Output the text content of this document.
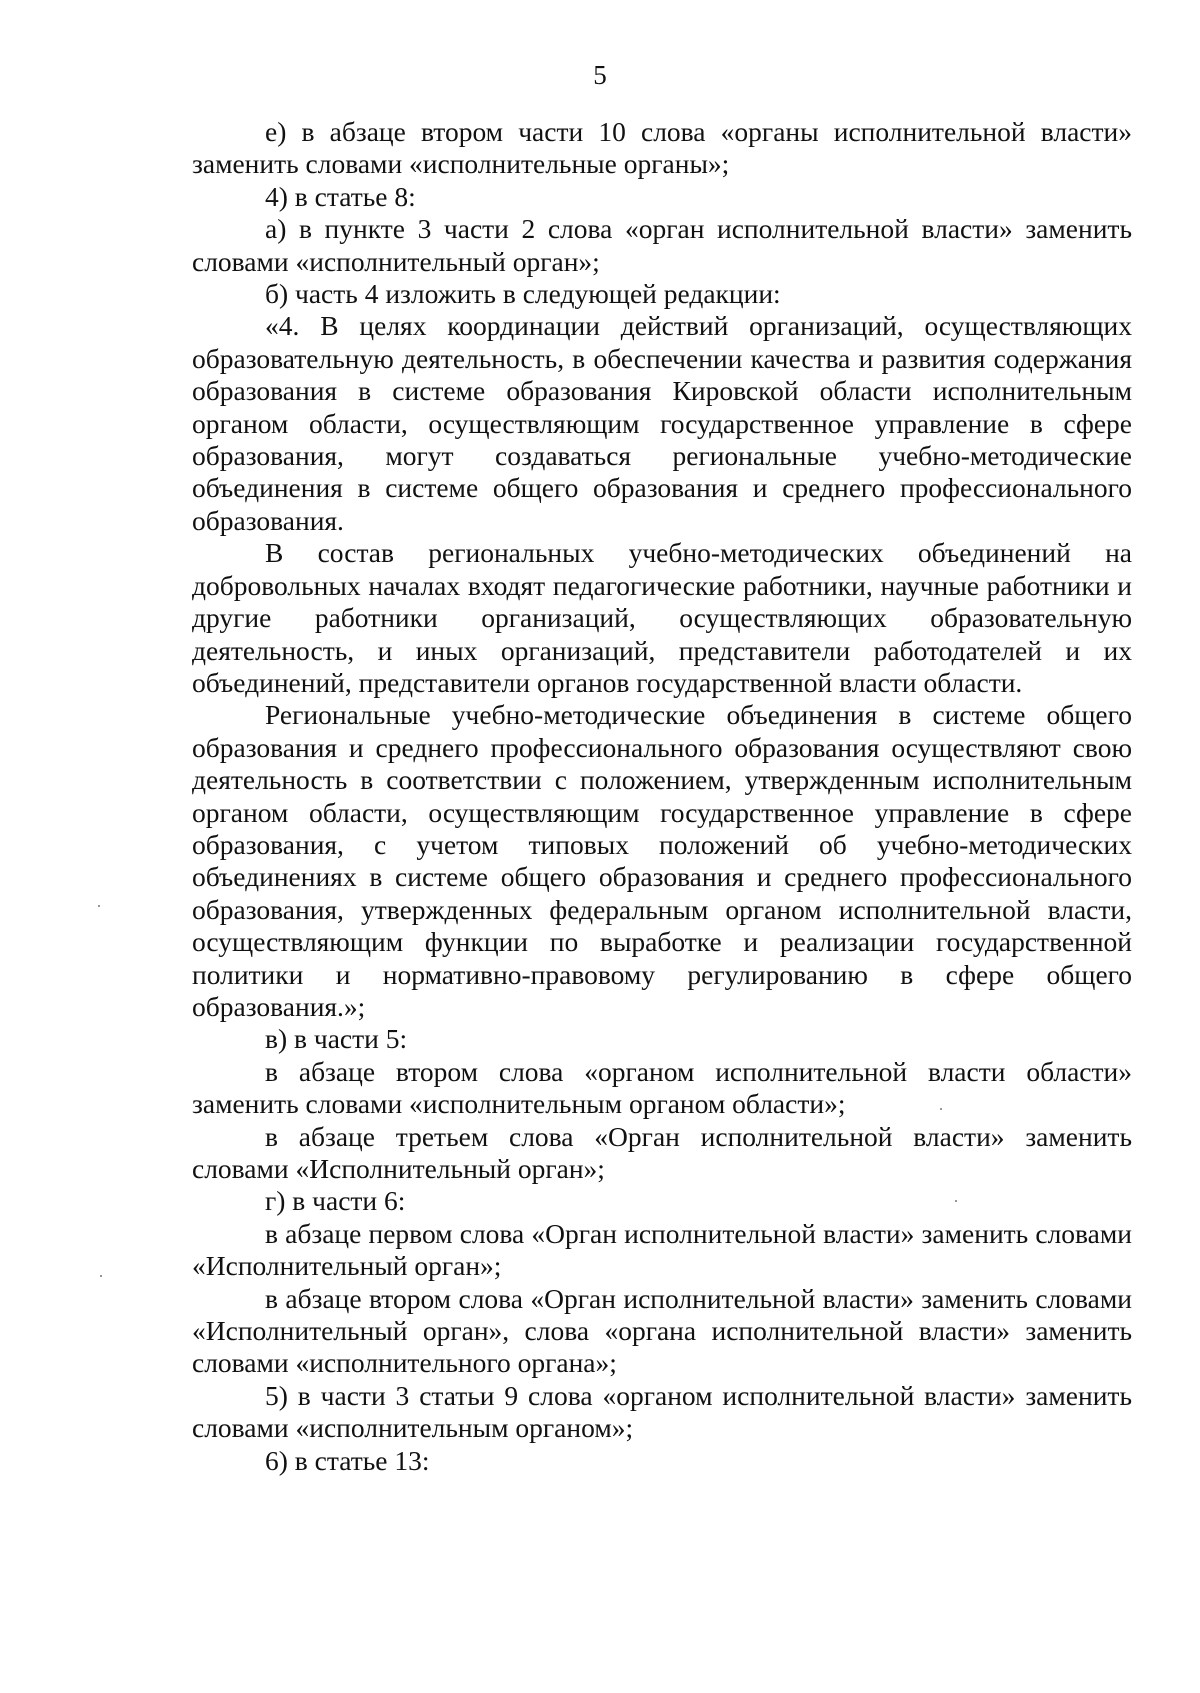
5

е) в абзаце втором части 10 слова «органы исполнительной власти» заменить словами «исполнительные органы»;

4) в статье 8:

а) в пункте 3 части 2 слова «орган исполнительной власти» заменить словами «исполнительный орган»;

б) часть 4 изложить в следующей редакции:

«4. В целях координации действий организаций, осуществляющих образовательную деятельность, в обеспечении качества и развития содержания образования в системе образования Кировской области исполнительным органом области, осуществляющим государственное управление в сфере образования, могут создаваться региональные учебно-методические объединения в системе общего образования и среднего профессионального образования.

В состав региональных учебно-методических объединений на добровольных началах входят педагогические работники, научные работники и другие работники организаций, осуществляющих образовательную деятельность, и иных организаций, представители работодателей и их объединений, представители органов государственной власти области.

Региональные учебно-методические объединения в системе общего образования и среднего профессионального образования осуществляют свою деятельность в соответствии с положением, утвержденным исполнительным органом области, осуществляющим государственное управление в сфере образования, с учетом типовых положений об учебно-методических объединениях в системе общего образования и среднего профессионального образования, утвержденных федеральным органом исполнительной власти, осуществляющим функции по выработке и реализации государственной политики и нормативно-правовому регулированию в сфере общего образования.»;

в) в части 5:

в абзаце втором слова «органом исполнительной власти области» заменить словами «исполнительным органом области»;

в абзаце третьем слова «Орган исполнительной власти» заменить словами «Исполнительный орган»;

г) в части 6:

в абзаце первом слова «Орган исполнительной власти» заменить словами «Исполнительный орган»;

в абзаце втором слова «Орган исполнительной власти» заменить словами «Исполнительный орган», слова «органа исполнительной власти» заменить словами «исполнительного органа»;

5) в части 3 статьи 9 слова «органом исполнительной власти» заменить словами «исполнительным органом»;

6) в статье 13:
